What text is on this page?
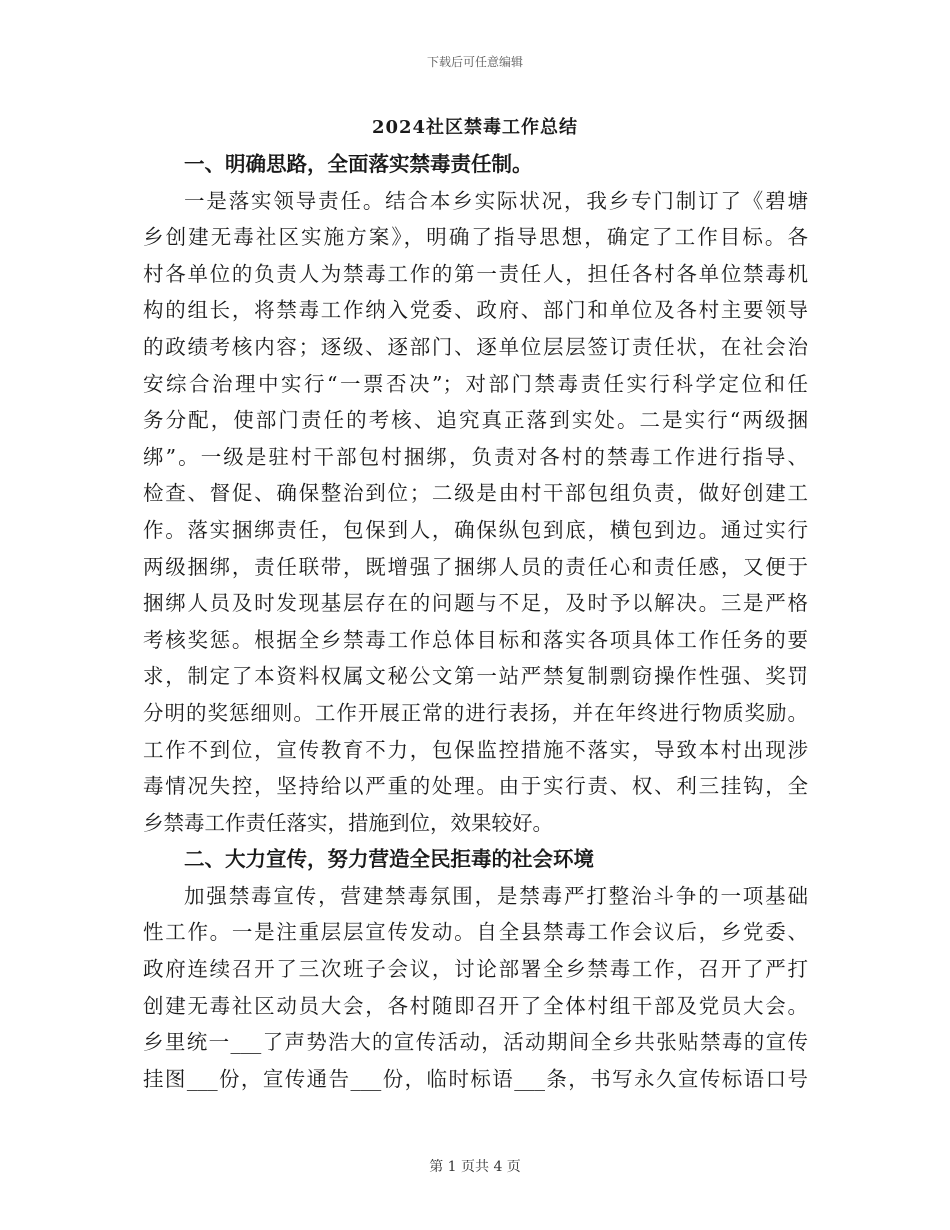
下载后可任意编辑
2024社区禁毒工作总结
一、明确思路，全面落实禁毒责任制。
一是落实领导责任。结合本乡实际状况，我乡专门制订了《碧塘
乡创建无毒社区实施方案》，明确了指导思想，确定了工作目标。各
村各单位的负责人为禁毒工作的第一责任人，担任各村各单位禁毒机
构的组长，将禁毒工作纳入党委、政府、部门和单位及各村主要领导
的政绩考核内容；逐级、逐部门、逐单位层层签订责任状，在社会治
安综合治理中实行“一票否决”；对部门禁毒责任实行科学定位和任
务分配，使部门责任的考核、追究真正落到实处。二是实行“两级捆
绑”。一级是驻村干部包村捆绑，负责对各村的禁毒工作进行指导、
检查、督促、确保整治到位；二级是由村干部包组负责，做好创建工
作。落实捆绑责任，包保到人，确保纵包到底，横包到边。通过实行
两级捆绑，责任联带，既增强了捆绑人员的责任心和责任感，又便于
捆绑人员及时发现基层存在的问题与不足，及时予以解决。三是严格
考核奖惩。根据全乡禁毒工作总体目标和落实各项具体工作任务的要
求，制定了本资料权属文秘公文第一站严禁复制剽窃操作性强、奖罚
分明的奖惩细则。工作开展正常的进行表扬，并在年终进行物质奖励。
工作不到位，宣传教育不力，包保监控措施不落实，导致本村出现涉
毒情况失控，坚持给以严重的处理。由于实行责、权、利三挂钩，全
乡禁毒工作责任落实，措施到位，效果较好。
二、大力宣传，努力营造全民拒毒的社会环境
加强禁毒宣传，营建禁毒氛围，是禁毒严打整治斗争的一项基础
性工作。一是注重层层宣传发动。自全县禁毒工作会议后，乡党委、
政府连续召开了三次班子会议，讨论部署全乡禁毒工作，召开了严打
创建无毒社区动员大会，各村随即召开了全体村组干部及党员大会。
乡里统一___了声势浩大的宣传活动，活动期间全乡共张贴禁毒的宣传
挂图___份，宣传通告___份，临时标语___条，书写永久宣传标语口号
第 1 页共 4 页
